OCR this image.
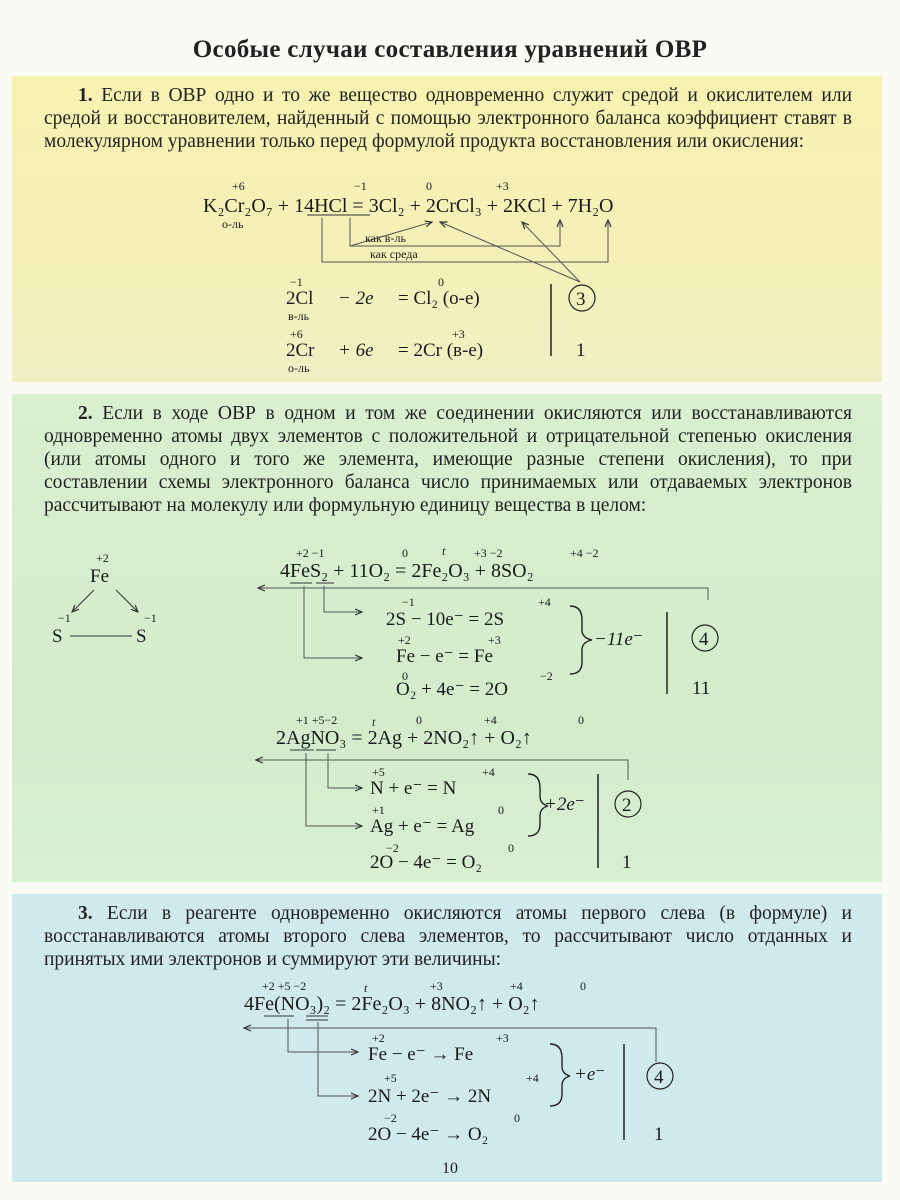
Особые случаи составления уравнений ОВР
1. Если в ОВР одно и то же вещество одновременно служит средой и окислителем или средой и восстановителем, найденный с помощью электронного баланса коэффициент ставят в молекулярном уравнении только перед формулой продукта восстановления или окисления:
2. Если в ходе ОВР в одном и том же соединении окисляются или восстанавливаются одновременно атомы двух элементов с положительной и отрицательной степенью окисления (или атомы одного и того же элемента, имеющие разные степени окисления), то при составлении схемы электронного баланса число принимаемых или отдаваемых электронов рассчитывают на молекулу или формульную единицу вещества в целом:
3. Если в реагенте одновременно окисляются атомы первого слева (в формуле) и восстанавливаются атомы второго слева элементов, то рассчитывают число отданных и принятых ими электронов и суммируют эти величины:
K₂Cr₂O₇ + 14HCl = 3Cl₂ + 2CrCl₃ + 2KCl + 7H₂O
+6	−1	0	+3
о-ль
как в-ль
как среда
−1	0
2Cl − 2e = Cl₂ (о-е)
в-ль
+6	+3
2Cr + 6e = 2Cr (в-е)
о-ль
3
1
+2
Fe
−1	−1
S	S
+2 −1	0	+3 −2	+4 −2
t
4FeS₂ + 11O₂ = 2Fe₂O₃ + 8SO₂
−1	+4
2S − 10e⁻ = 2S
+2	+3
Fe − e⁻ = Fe
0	−2
O₂ + 4e⁻ = 2O
−11e⁻	4
11
+1 +5−2	0	+4	0
t
2AgNO₃ = 2Ag + 2NO₂↑ + O₂↑
+5	+4
N + e⁻ = N
+1	0
Ag + e⁻ = Ag
−2	0
2O − 4e⁻ = O₂
+2e⁻ 2
1
+2 +5 −2	+3	+4	0
t
4Fe(NO₃)₂ = 2Fe₂O₃ + 8NO₂↑ + O₂↑
+2	+3
Fe − e⁻ → Fe
+5	+4
2N + 2e⁻ → 2N
−2	0
2O − 4e⁻ → O₂
+e⁻	4
1
10
